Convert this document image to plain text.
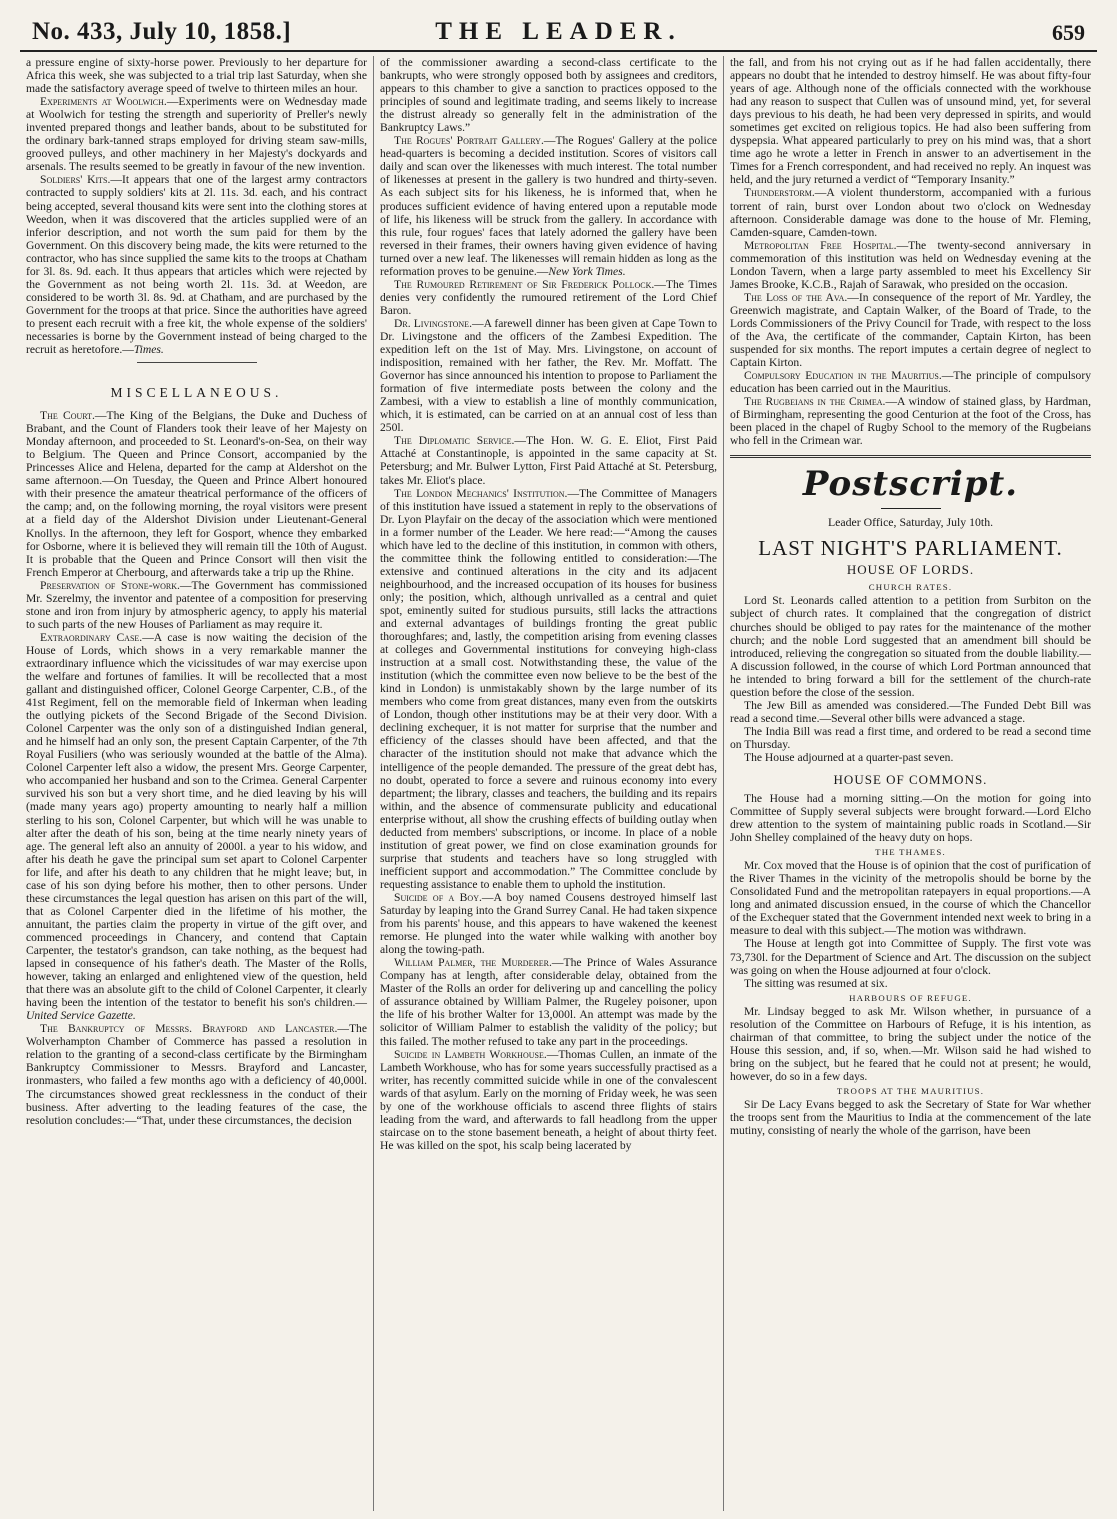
No. 433, July 10, 1858.]	THE LEADER.	659

a pressure engine of sixty-horse power. Previously to her departure for Africa this week, she was subjected to a trial trip last Saturday, when she made the satisfactory average speed of twelve to thirteen miles an hour.

Experiments at Woolwich.—Experiments were on Wednesday made at Woolwich for testing the strength and superiority of Preller's newly invented prepared thongs and leather bands, about to be substituted for the ordinary bark-tanned straps employed for driving steam saw-mills, grooved pulleys, and other machinery in her Majesty's dockyards and arsenals. The results seemed to be greatly in favour of the new invention.

Soldiers' Kits.—It appears that one of the largest army contractors contracted to supply soldiers' kits at 2l. 11s. 3d. each, and his contract being accepted, several thousand kits were sent into the clothing stores at Weedon, when it was discovered that the articles supplied were of an inferior description, and not worth the sum paid for them by the Government. On this discovery being made, the kits were returned to the contractor, who has since supplied the same kits to the troops at Chatham for 3l. 8s. 9d. each. It thus appears that articles which were rejected by the Government as not being worth 2l. 11s. 3d. at Weedon, are considered to be worth 3l. 8s. 9d. at Chatham, and are purchased by the Government for the troops at that price. Since the authorities have agreed to present each recruit with a free kit, the whole expense of the soldiers' necessaries is borne by the Government instead of being charged to the recruit as heretofore.—Times.

MISCELLANEOUS.

The Court.—The King of the Belgians, the Duke and Duchess of Brabant, and the Count of Flanders took their leave of her Majesty on Monday afternoon, and proceeded to St. Leonard's-on-Sea, on their way to Belgium. The Queen and Prince Consort, accompanied by the Princesses Alice and Helena, departed for the camp at Aldershot on the same afternoon.—On Tuesday, the Queen and Prince Albert honoured with their presence the amateur theatrical performance of the officers of the camp; and, on the following morning, the royal visitors were present at a field day of the Aldershot Division under Lieutenant-General Knollys. In the afternoon, they left for Gosport, whence they embarked for Osborne, where it is believed they will remain till the 10th of August. It is probable that the Queen and Prince Consort will then visit the French Emperor at Cherbourg, and afterwards take a trip up the Rhine.

Preservation of Stone-work.—The Government has commissioned Mr. Szerelmy, the inventor and patentee of a composition for preserving stone and iron from injury by atmospheric agency, to apply his material to such parts of the new Houses of Parliament as may require it.

Extraordinary Case.—A case is now waiting the decision of the House of Lords, which shows in a very remarkable manner the extraordinary influence which the vicissitudes of war may exercise upon the welfare and fortunes of families. It will be recollected that a most gallant and distinguished officer, Colonel George Carpenter, C.B., of the 41st Regiment, fell on the memorable field of Inkerman when leading the outlying pickets of the Second Brigade of the Second Division. Colonel Carpenter was the only son of a distinguished Indian general, and he himself had an only son, the present Captain Carpenter, of the 7th Royal Fusiliers (who was seriously wounded at the battle of the Alma). Colonel Carpenter left also a widow, the present Mrs. George Carpenter, who accompanied her husband and son to the Crimea. General Carpenter survived his son but a very short time, and he died leaving by his will (made many years ago) property amounting to nearly half a million sterling to his son, Colonel Carpenter, but which will he was unable to alter after the death of his son, being at the time nearly ninety years of age. The general left also an annuity of 2000l. a year to his widow, and after his death he gave the principal sum set apart to Colonel Carpenter for life, and after his death to any children that he might leave; but, in case of his son dying before his mother, then to other persons. Under these circumstances the legal question has arisen on this part of the will, that as Colonel Carpenter died in the lifetime of his mother, the annuitant, the parties claim the property in virtue of the gift over, and commenced proceedings in Chancery, and contend that Captain Carpenter, the testator's grandson, can take nothing, as the bequest had lapsed in consequence of his father's death. The Master of the Rolls, however, taking an enlarged and enlightened view of the question, held that there was an absolute gift to the child of Colonel Carpenter, it clearly having been the intention of the testator to benefit his son's children.—United Service Gazette.

The Bankruptcy of Messrs. Brayford and Lancaster.—The Wolverhampton Chamber of Commerce has passed a resolution in relation to the granting of a second-class certificate by the Birmingham Bankruptcy Commissioner to Messrs. Brayford and Lancaster, ironmasters, who failed a few months ago with a deficiency of 40,000l. The circumstances showed great recklessness in the conduct of their business. After adverting to the leading features of the case, the resolution concludes:—“That, under these circumstances, the decision

of the commissioner awarding a second-class certificate to the bankrupts, who were strongly opposed both by assignees and creditors, appears to this chamber to give a sanction to practices opposed to the principles of sound and legitimate trading, and seems likely to increase the distrust already so generally felt in the administration of the Bankruptcy Laws.”

The Rogues' Portrait Gallery.—The Rogues' Gallery at the police head-quarters is becoming a decided institution. Scores of visitors call daily and scan over the likenesses with much interest. The total number of likenesses at present in the gallery is two hundred and thirty-seven. As each subject sits for his likeness, he is informed that, when he produces sufficient evidence of having entered upon a reputable mode of life, his likeness will be struck from the gallery. In accordance with this rule, four rogues' faces that lately adorned the gallery have been reversed in their frames, their owners having given evidence of having turned over a new leaf. The likenesses will remain hidden as long as the reformation proves to be genuine.—New York Times.

The Rumoured Retirement of Sir Frederick Pollock.—The Times denies very confidently the rumoured retirement of the Lord Chief Baron.

Dr. Livingstone.—A farewell dinner has been given at Cape Town to Dr. Livingstone and the officers of the Zambesi Expedition. The expedition left on the 1st of May. Mrs. Livingstone, on account of indisposition, remained with her father, the Rev. Mr. Moffatt. The Governor has since announced his intention to propose to Parliament the formation of five intermediate posts between the colony and the Zambesi, with a view to establish a line of monthly communication, which, it is estimated, can be carried on at an annual cost of less than 250l.

The Diplomatic Service.—The Hon. W. G. E. Eliot, First Paid Attaché at Constantinople, is appointed in the same capacity at St. Petersburg; and Mr. Bulwer Lytton, First Paid Attaché at St. Petersburg, takes Mr. Eliot's place.

The London Mechanics' Institution.—The Committee of Managers of this institution have issued a statement in reply to the observations of Dr. Lyon Playfair on the decay of the association which were mentioned in a former number of the Leader. We here read:—“Among the causes which have led to the decline of this institution, in common with others, the committee think the following entitled to consideration:—The extensive and continued alterations in the city and its adjacent neighbourhood, and the increased occupation of its houses for business only; the position, which, although unrivalled as a central and quiet spot, eminently suited for studious pursuits, still lacks the attractions and external advantages of buildings fronting the great public thoroughfares; and, lastly, the competition arising from evening classes at colleges and Governmental institutions for conveying high-class instruction at a small cost. Notwithstanding these, the value of the institution (which the committee even now believe to be the best of the kind in London) is unmistakably shown by the large number of its members who come from great distances, many even from the outskirts of London, though other institutions may be at their very door. With a declining exchequer, it is not matter for surprise that the number and efficiency of the classes should have been affected, and that the character of the institution should not make that advance which the intelligence of the people demanded. The pressure of the great debt has, no doubt, operated to force a severe and ruinous economy into every department; the library, classes and teachers, the building and its repairs within, and the absence of commensurate publicity and educational enterprise without, all show the crushing effects of building outlay when deducted from members' subscriptions, or income. In place of a noble institution of great power, we find on close examination grounds for surprise that students and teachers have so long struggled with inefficient support and accommodation.” The Committee conclude by requesting assistance to enable them to uphold the institution.

Suicide of a Boy.—A boy named Cousens destroyed himself last Saturday by leaping into the Grand Surrey Canal. He had taken sixpence from his parents' house, and this appears to have wakened the keenest remorse. He plunged into the water while walking with another boy along the towing-path.

William Palmer, the Murderer.—The Prince of Wales Assurance Company has at length, after considerable delay, obtained from the Master of the Rolls an order for delivering up and cancelling the policy of assurance obtained by William Palmer, the Rugeley poisoner, upon the life of his brother Walter for 13,000l. An attempt was made by the solicitor of William Palmer to establish the validity of the policy; but this failed. The mother refused to take any part in the proceedings.

Suicide in Lambeth Workhouse.—Thomas Cullen, an inmate of the Lambeth Workhouse, who has for some years successfully practised as a writer, has recently committed suicide while in one of the convalescent wards of that asylum. Early on the morning of Friday week, he was seen by one of the workhouse officials to ascend three flights of stairs leading from the ward, and afterwards to fall headlong from the upper staircase on to the stone basement beneath, a height of about thirty feet. He was killed on the spot, his scalp being lacerated by

the fall, and from his not crying out as if he had fallen accidentally, there appears no doubt that he intended to destroy himself. He was about fifty-four years of age. Although none of the officials connected with the workhouse had any reason to suspect that Cullen was of unsound mind, yet, for several days previous to his death, he had been very depressed in spirits, and would sometimes get excited on religious topics. He had also been suffering from dyspepsia. What appeared particularly to prey on his mind was, that a short time ago he wrote a letter in French in answer to an advertisement in the Times for a French correspondent, and had received no reply. An inquest was held, and the jury returned a verdict of “Temporary Insanity.”

Thunderstorm.—A violent thunderstorm, accompanied with a furious torrent of rain, burst over London about two o'clock on Wednesday afternoon. Considerable damage was done to the house of Mr. Fleming, Camden-square, Camden-town.

Metropolitan Free Hospital.—The twenty-second anniversary in commemoration of this institution was held on Wednesday evening at the London Tavern, when a large party assembled to meet his Excellency Sir James Brooke, K.C.B., Rajah of Sarawak, who presided on the occasion.

The Loss of the Ava.—In consequence of the report of Mr. Yardley, the Greenwich magistrate, and Captain Walker, of the Board of Trade, to the Lords Commissioners of the Privy Council for Trade, with respect to the loss of the Ava, the certificate of the commander, Captain Kirton, has been suspended for six months. The report imputes a certain degree of neglect to Captain Kirton.

Compulsory Education in the Mauritius.—The principle of compulsory education has been carried out in the Mauritius.

The Rugbeians in the Crimea.—A window of stained glass, by Hardman, of Birmingham, representing the good Centurion at the foot of the Cross, has been placed in the chapel of Rugby School to the memory of the Rugbeians who fell in the Crimean war.

Postscript.
Leader Office, Saturday, July 10th.
LAST NIGHT'S PARLIAMENT.
HOUSE OF LORDS.
CHURCH RATES.

Lord St. Leonards called attention to a petition from Surbiton on the subject of church rates. It complained that the congregation of district churches should be obliged to pay rates for the maintenance of the mother church; and the noble Lord suggested that an amendment bill should be introduced, relieving the congregation so situated from the double liability.—A discussion followed, in the course of which Lord Portman announced that he intended to bring forward a bill for the settlement of the church-rate question before the close of the session.

The Jew Bill as amended was considered.—The Funded Debt Bill was read a second time.—Several other bills were advanced a stage.

The India Bill was read a first time, and ordered to be read a second time on Thursday.

The House adjourned at a quarter-past seven.

HOUSE OF COMMONS.

The House had a morning sitting.—On the motion for going into Committee of Supply several subjects were brought forward.—Lord Elcho drew attention to the system of maintaining public roads in Scotland.—Sir John Shelley complained of the heavy duty on hops.

THE THAMES.

Mr. Cox moved that the House is of opinion that the cost of purification of the River Thames in the vicinity of the metropolis should be borne by the Consolidated Fund and the metropolitan ratepayers in equal proportions.—A long and animated discussion ensued, in the course of which the Chancellor of the Exchequer stated that the Government intended next week to bring in a measure to deal with this subject.—The motion was withdrawn.

The House at length got into Committee of Supply. The first vote was 73,730l. for the Department of Science and Art. The discussion on the subject was going on when the House adjourned at four o'clock.

The sitting was resumed at six.

HARBOURS OF REFUGE.

Mr. Lindsay begged to ask Mr. Wilson whether, in pursuance of a resolution of the Committee on Harbours of Refuge, it is his intention, as chairman of that committee, to bring the subject under the notice of the House this session, and, if so, when.—Mr. Wilson said he had wished to bring on the subject, but he feared that he could not at present; he would, however, do so in a few days.

TROOPS AT THE MAURITIUS.

Sir De Lacy Evans begged to ask the Secretary of State for War whether the troops sent from the Mauritius to India at the commencement of the late mutiny, consisting of nearly the whole of the garrison, have been
